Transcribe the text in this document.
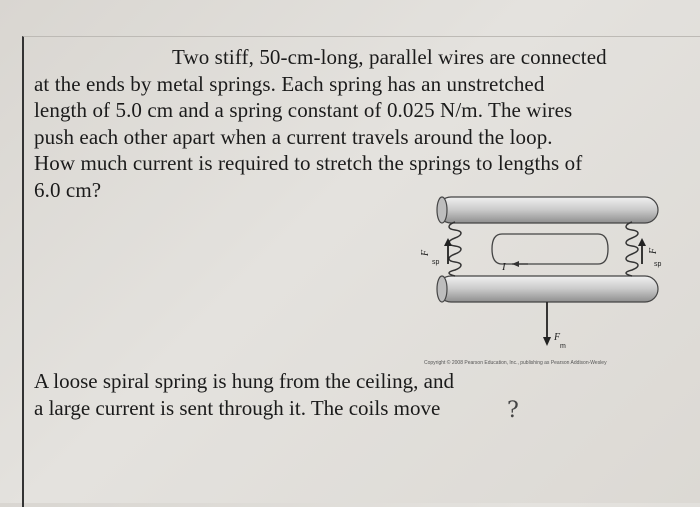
Two stiff, 50-cm-long, parallel wires are connected
at the ends by metal springs. Each spring has an unstretched
length of 5.0 cm and a spring constant of 0.025 N/m. The wires
push each other apart when a current travels around the loop.
How much current is required to stretch the springs to lengths of
6.0 cm?
I
F
sp
F
sp
F
m
Copyright © 2008 Pearson Education, Inc., publishing as Pearson Addison-Wesley
A loose spiral spring is hung from the ceiling, and
a large current is sent through it. The coils move	?
